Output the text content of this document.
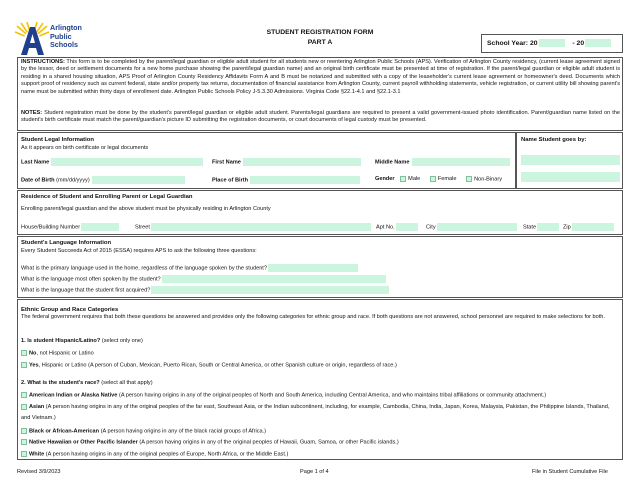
Arlington
Public
Schools
STUDENT REGISTRATION FORM
PART A	School Year: 20	- 20
INSTRUCTIONS: This form is to be completed by the parent/legal guardian or eligible adult student for all students new or reentering Arlington Public Schools (APS). Verification of Arlington County residency, (current lease agreement signed by the lessor, deed or settlement documents for a new home purchase showing the parent/legal guardian name) and an original birth certificate must be presented at time of registration. If the parent/legal guardian or eligible adult student is residing in a shared housing situation, APS Proof of Arlington County Residency Affidavits Form A and B must be notarized and submitted with a copy of the leaseholder's current lease agreement or homeowner's deed. Documents which support proof of residency such as current federal, state and/or property tax returns, documentation of financial assistance from Arlington County, current payroll withholding statements, vehicle registration, or current utility bill showing parent's name must be submitted within thirty days of enrollment date. Arlington Public Schools Policy J-5.3.30 Admissions. Virginia Code §22.1-4.1 and §22.1-3.1
NOTES: Student registration must be done by the student's parent/legal guardian or eligible adult student. Parents/legal guardians are required to present a valid government-issued photo identification. Parent/guardian name listed on the student's birth certificate must match the parent/guardian's picture ID submitting the registration documents, or court documents of legal custody must be presented.
Student Legal Information
As it appears on birth certificate or legal documents
Last Name	First Name	Middle Name
Date of Birth (mm/dd/yyyy)	Place of Birth	Gender Male	Female	Non-Binary
Name Student goes by:
Residence of Student and Enrolling Parent or Legal Guardian
Enrolling parent/legal guardian and the above student must be physically residing in Arlington County
House/Building Number	Street	Apt No.	City	State	Zip
Student's Language Information
Every Student Succeeds Act of 2015 (ESSA) requires APS to ask the following three questions:
What is the primary language used in the home, regardless of the language spoken by the student?
What is the language most often spoken by the student?
What is the language that the student first acquired?
Ethnic Group and Race Categories
The federal government requires that both these questions be answered and provides only the following categories for ethnic group and race. If both questions are not answered, school personnel are required to make selections for both.
1. Is student Hispanic/Latino? (select only one)
No, not Hispanic or Latino
Yes, Hispanic or Latino (A person of Cuban, Mexican, Puerto Rican, South or Central America, or other Spanish culture or origin, regardless of race.)
2. What is the student's race? (select all that apply)
American Indian or Alaska Native (A person having origins in any of the original peoples of North and South America, including Central America, and who maintains tribal affiliations or community attachment.)
Asian (A person having origins in any of the original peoples of the far east, Southeast Asia, or the Indian subcontinent, including, for example, Cambodia, China, India, Japan, Korea, Malaysia, Pakistan, the Philippine Islands, Thailand, and Vietnam.)
Black or African-American (A person having origins in any of the black racial groups of Africa.)
Native Hawaiian or Other Pacific Islander (A person having origins in any of the original peoples of Hawaii, Guam, Samoa, or other Pacific islands.)
White (A person having origins in any of the original peoples of Europe, North Africa, or the Middle East.)
Revised 3/9/2023	Page 1 of 4	File in Student Cumulative File
